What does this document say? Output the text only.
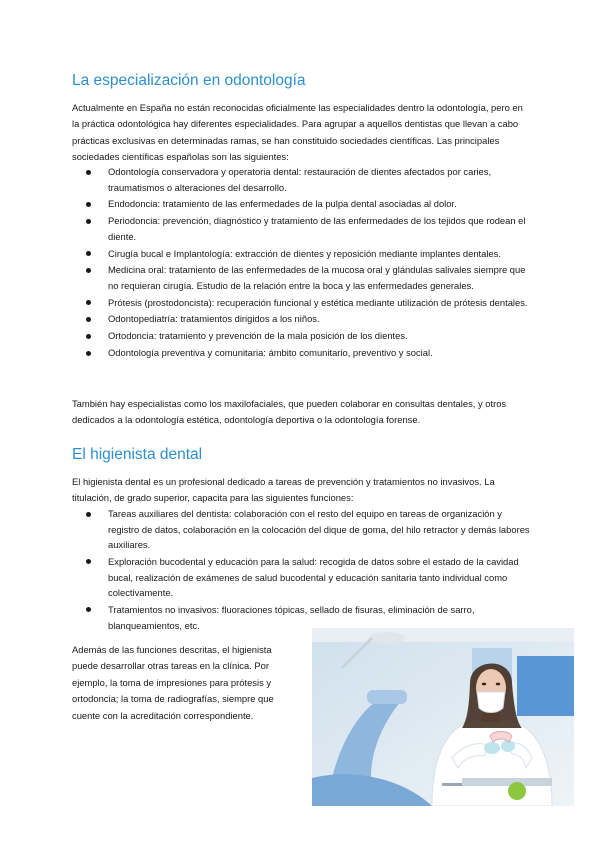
La especialización en odontología

Actualmente en España no están reconocidas oficialmente las especialidades dentro la odontología, pero en la práctica odontológica hay diferentes especialidades. Para agrupar a aquellos dentistas que llevan a cabo prácticas exclusivas en determinadas ramas, se han constituido sociedades científicas. Las principales sociedades científicas españolas son las siguientes:

Odontología conservadora y operatoria dental: restauración de dientes afectados por caries, traumatismos o alteraciones del desarrollo.
Endodoncia: tratamiento de las enfermedades de la pulpa dental asociadas al dolor.
Periodoncia: prevención, diagnóstico y tratamiento de las enfermedades de los tejidos que rodean el diente.
Cirugía bucal e Implantología: extracción de dientes y reposición mediante implantes dentales.
Medicina oral: tratamiento de las enfermedades de la mucosa oral y glándulas salivales siempre que no requieran cirugía. Estudio de la relación entre la boca y las enfermedades generales.
Prótesis (prostodoncista): recuperación funcional y estética mediante utilización de prótesis dentales.
Odontopediatría: tratamientos dirigidos a los niños.
Ortodoncia: tratamiento y prevención de la mala posición de los dientes.
Odontología preventiva y comunitaria: ámbito comunitario, preventivo y social.

También hay especialistas como los maxilofaciales, que pueden colaborar en consultas dentales, y otros dedicados a la odontología estética, odontología deportiva o la odontología forense.

El higienista dental

El higienista dental es un profesional dedicado a tareas de prevención y tratamientos no invasivos. La titulación, de grado superior, capacita para las siguientes funciones:

Tareas auxiliares del dentista: colaboración con el resto del equipo en tareas de organización y registro de datos, colaboración en la colocación del dique de goma, del hilo retractor y demás labores auxiliares.
Exploración bucodental y educación para la salud: recogida de datos sobre el estado de la cavidad bucal, realización de exámenes de salud bucodental y educación sanitaria tanto individual como colectivamente.
Tratamientos no invasivos: fluoraciones tópicas, sellado de fisuras, eliminación de sarro, blanqueamientos, etc.

Además de las funciones descritas, el higienista puede desarrollar otras tareas en la clínica. Por ejemplo, la toma de impresiones para prótesis y ortodoncia; la toma de radiografías, siempre que cuente con la acreditación correspondiente.
